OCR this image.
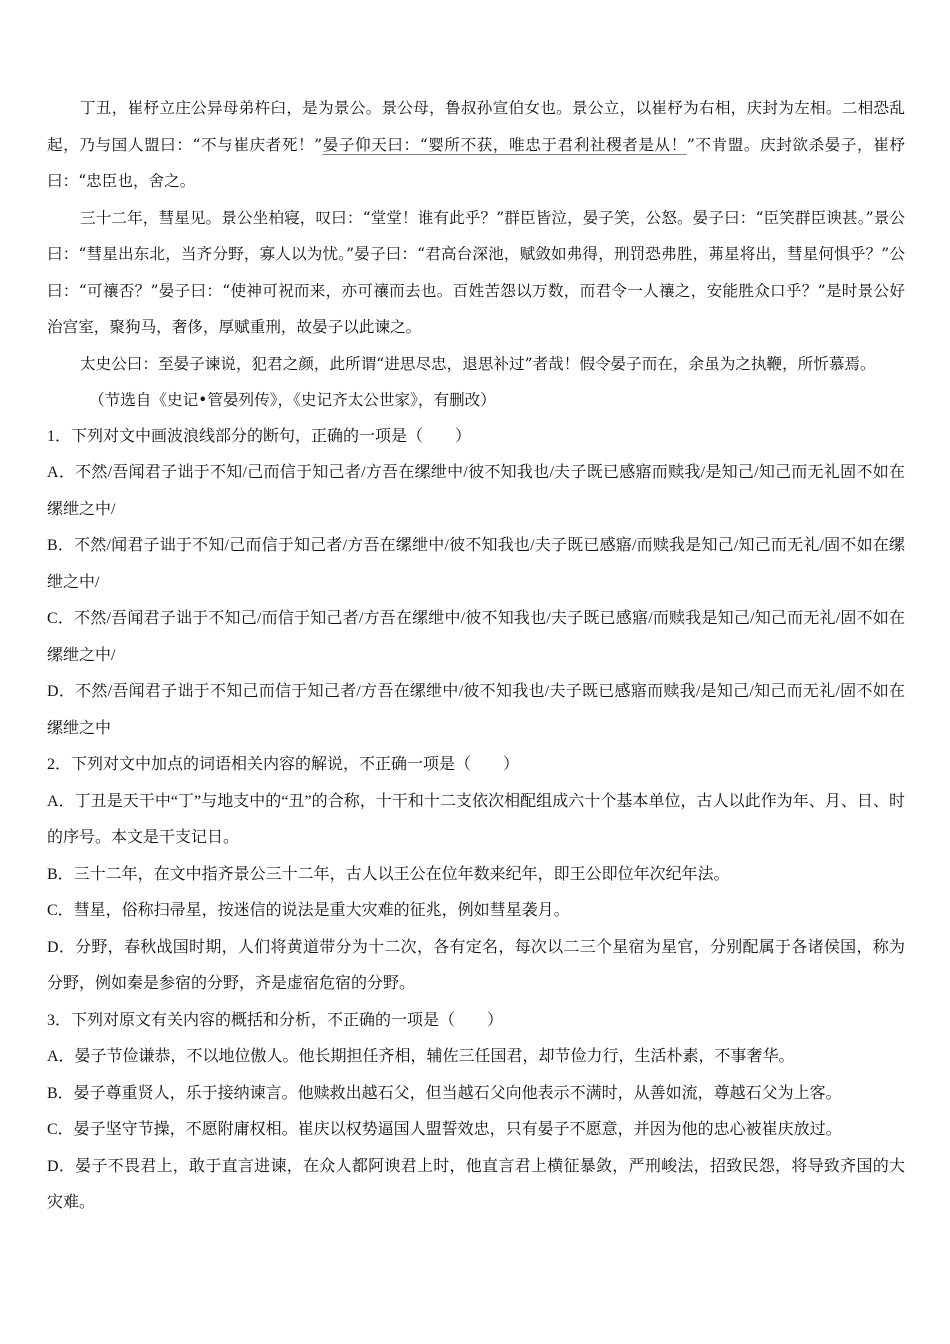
丁丑，崔杼立庄公异母弟杵臼，是为景公。景公母，鲁叔孙宣伯女也。景公立，以崔杼为右相，庆封为左相。二相恐乱起，乃与国人盟曰：“不与崔庆者死！”晏子仰天曰：“婴所不获，唯忠于君利社稷者是从！”不肯盟。庆封欲杀晏子，崔杼曰：“忠臣也，舍之。

三十二年，彗星见。景公坐柏寝，叹曰：“堂堂！谁有此乎？”群臣皆泣，晏子笑，公怒。晏子曰：“臣笑群臣谀甚。”景公曰：“彗星出东北，当齐分野，寡人以为忧。”晏子曰：“君高台深池，赋敛如弗得，刑罚恐弗胜，茀星将出，彗星何惧乎？”公曰：“可禳否？”晏子曰：“使神可祝而来，亦可禳而去也。百姓苦怨以万数，而君令一人禳之，安能胜众口乎？”是时景公好治宫室，聚狗马，奢侈，厚赋重刑，故晏子以此谏之。

太史公曰：至晏子谏说，犯君之颜，此所谓“进思尽忠，退思补过”者哉！假令晏子而在，余虽为之执鞭，所忻慕焉。

（节选自《史记•管晏列传》，《史记齐太公世家》，有删改）

1．下列对文中画波浪线部分的断句，正确的一项是（　　）

A．不然/吾闻君子诎于不知/己而信于知己者/方吾在缧绁中/彼不知我也/夫子既已感寤而赎我/是知己/知己而无礼固不如在缧绁之中/

B．不然/闻君子诎于不知/己而信于知己者/方吾在缧绁中/彼不知我也/夫子既已感寤/而赎我是知己/知己而无礼/固不如在缧绁之中/

C．不然/吾闻君子诎于不知己/而信于知己者/方吾在缧绁中/彼不知我也/夫子既已感寤/而赎我是知己/知己而无礼/固不如在缧绁之中/

D．不然/吾闻君子诎于不知己而信于知己者/方吾在缧绁中/彼不知我也/夫子既已感寤而赎我/是知己/知己而无礼/固不如在缧绁之中

2．下列对文中加点的词语相关内容的解说，不正确一项是（　　）

A．丁丑是天干中“丁”与地支中的“丑”的合称，十干和十二支依次相配组成六十个基本单位，古人以此作为年、月、日、时的序号。本文是干支记日。

B．三十二年，在文中指齐景公三十二年，古人以王公在位年数来纪年，即王公即位年次纪年法。

C．彗星，俗称扫帚星，按迷信的说法是重大灾难的征兆，例如彗星袭月。

D．分野，春秋战国时期，人们将黄道带分为十二次，各有定名，每次以二三个星宿为星官，分别配属于各诸侯国，称为分野，例如秦是参宿的分野，齐是虚宿危宿的分野。

3．下列对原文有关内容的概括和分析，不正确的一项是（　　）

A．晏子节俭谦恭，不以地位傲人。他长期担任齐相，辅佐三任国君，却节俭力行，生活朴素，不事奢华。

B．晏子尊重贤人，乐于接纳谏言。他赎救出越石父，但当越石父向他表示不满时，从善如流，尊越石父为上客。

C．晏子坚守节操，不愿附庸权相。崔庆以权势逼国人盟誓效忠，只有晏子不愿意，并因为他的忠心被崔庆放过。

D．晏子不畏君上，敢于直言进谏，在众人都阿谀君上时，他直言君上横征暴敛，严刑峻法，招致民怨，将导致齐国的大灾难。
